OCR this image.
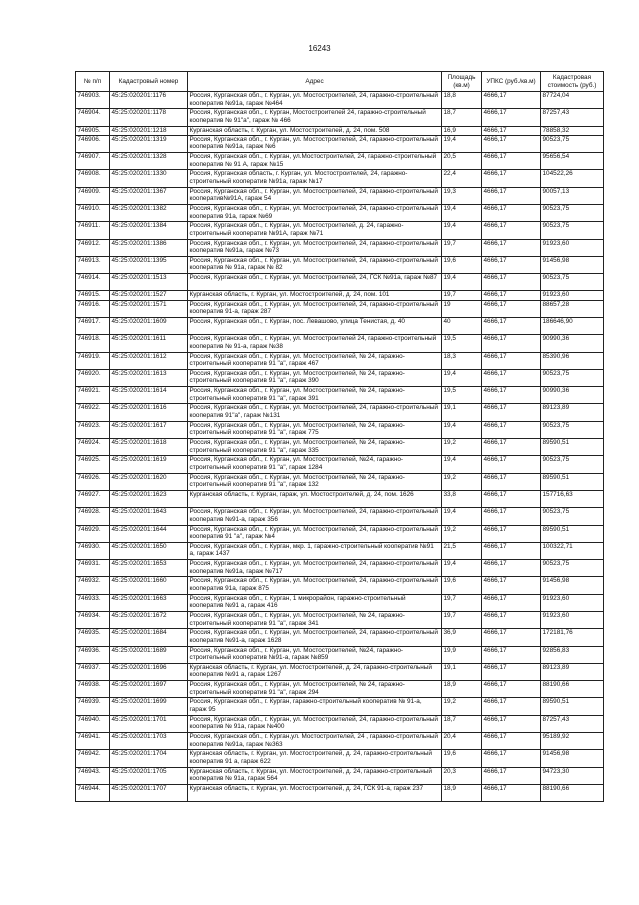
16243
№ п/п	Кадастровый номер	Адрес	Площадь (кв.м)	УПКС (руб./кв.м)	Кадастровая стоимость (руб.)
746903.	45:25:020201:1176	Россия, Курганская обл., г. Курган, ул. Мостостроителей, 24, гаражно-строительный кооператив №91а, гараж №464	18,8	4666,17	87724,04
746904.	45:25:020201:1178	Россия, Курганская обл., г. Курган, Мостостроителей 24, гаражно-строительный кооператив № 91"а", гараж № 466	18,7	4666,17	87257,43
746905.	45:25:020201:1218	Курганская область, г. Курган, ул. Мостостроителей, д. 24, пом. 508	16,9	4666,17	78858,32
746906.	45:25:020201:1319	Россия, Курганская обл., г. Курган, ул. Мостостроителей, 24, гаражно-строительный кооператив №91а, гараж №6	19,4	4666,17	90523,75
746907.	45:25:020201:1328	Россия, Курганская обл., г. Курган, ул.Мостостроителей, 24, гаражно-строительный кооператив № 91 А, гараж №15	20,5	4666,17	95656,54
746908.	45:25:020201:1330	Россия, Курганская область, г. Курган, ул. Мостостроителей, 24, гаражно-строительный кооператив №91а, гараж №17	22,4	4666,17	104522,26
746909.	45:25:020201:1367	Россия, Курганская обл., г. Курган, ул. Мостостроителей, 24, гаражно-строительный кооператив№91А, гараж 54	19,3	4666,17	90057,13
746910.	45:25:020201:1382	Россия, Курганская обл., г. Курган, ул. Мостостроителей, 24, гаражно-строительный кооператив 91а, гараж №69	19,4	4666,17	90523,75
746911.	45:25:020201:1384	Россия, Курганская обл., г. Курган, ул. Мостостроителей, д. 24, гаражно-строительный кооператив №91А, гараж №71	19,4	4666,17	90523,75
746912.	45:25:020201:1386	Россия, Курганская обл., г. Курган, ул. Мостостроителей, 24, гаражно-строительный кооператив №91а, гараж №73	19,7	4666,17	91923,60
746913.	45:25:020201:1395	Россия, Курганская обл., г. Курган, ул. Мостостроителей, 24, гаражно-строительный кооператив № 91а, гараж № 82	19,6	4666,17	91456,98
746914.	45:25:020201:1513	Россия, Курганская обл., г. Курган, ул. Мостостроителей, 24, ГСК №91а, гараж №87	19,4	4666,17	90523,75
746915.	45:25:020201:1527	Курганская область, г. Курган, ул. Мостостроителей, д. 24, пом. 101	19,7	4666,17	91923,60
746916.	45:25:020201:1571	Россия, Курганская обл., г. Курган, ул. Мостостроителей, 24, гаражно-строительный кооператив 91-а, гараж 287	19	4666,17	88657,28
746917.	45:25:020201:1609	Россия, Курганская обл., г. Курган, пос. Левашово, улица Тенистая, д. 40	40	4666,17	186646,90
746918.	45:25:020201:1611	Россия, Курганская обл., г. Курган, ул. Мостостроителей 24, гаражно-строительный кооператив № 91-а, гараж №38	19,5	4666,17	90990,36
746919.	45:25:020201:1612	Россия, Курганская обл., г. Курган, ул. Мостостроителей, № 24, гаражно-строительный кооператив 91 "а", гараж 467	18,3	4666,17	85390,96
746920.	45:25:020201:1613	Россия, Курганская обл., г. Курган, ул. Мостостроителей, № 24, гаражно-строительный кооператив 91 "а", гараж 390	19,4	4666,17	90523,75
746921.	45:25:020201:1614	Россия, Курганская обл., г. Курган, ул. Мостостроителей, № 24, гаражно-строительный кооператив 91 "а", гараж 391	19,5	4666,17	90990,36
746922.	45:25:020201:1616	Россия, Курганская обл., г. Курган, ул. Мостостроителей, 24, гаражно-строительный кооператив 91"а", гараж №131	19,1	4666,17	89123,89
746923.	45:25:020201:1617	Россия, Курганская обл., г. Курган, ул. Мостостроителей, № 24, гаражно-строительный кооператив 91 "а", гараж 775	19,4	4666,17	90523,75
746924.	45:25:020201:1618	Россия, Курганская обл., г. Курган, ул. Мостостроителей, № 24, гаражно-строительный кооператив 91 "а", гараж 335	19,2	4666,17	89590,51
746925.	45:25:020201:1619	Россия, Курганская обл., г. Курган, ул. Мостостроителей, №24, гаражно-строительный кооператив 91 "а", гараж 1284	19,4	4666,17	90523,75
746926.	45:25:020201:1620	Россия, Курганская обл., г. Курган, ул. Мостостроителей, № 24, гаражно-строительный кооператив 91 "а", гараж 132	19,2	4666,17	89590,51
746927.	45:25:020201:1623	Курганская область, г. Курган, гараж, ул. Мостостроителей, д. 24, пом. 1626	33,8	4666,17	157716,63
746928.	45:25:020201:1643	Россия, Курганская обл., г. Курган, ул. Мостостроителей, 24, гаражно-строительный кооператив №91-а, гараж 356	19,4	4666,17	90523,75
746929.	45:25:020201:1644	Россия, Курганская обл., г. Курган, ул. Мостостроителей, 24, гаражно-строительный кооператив 91 "а", гараж №4	19,2	4666,17	89590,51
746930.	45:25:020201:1650	Россия, Курганская обл., г. Курган, мкр. 1, гаражно-строительный кооператив №91 а, гараж 1437	21,5	4666,17	100322,71
746931.	45:25:020201:1653	Россия, Курганская обл., г. Курган, ул. Мостостроителей, 24, гаражно-строительный кооператив №91а, гараж №717	19,4	4666,17	90523,75
746932.	45:25:020201:1660	Россия, Курганская обл., г. Курган, ул. Мостостроителей, 24, гаражно-строительный кооператив 91а, гараж 875	19,6	4666,17	91456,98
746933.	45:25:020201:1663	Россия, Курганская обл., г. Курган, 1 микрорайон, гаражно-строительный кооператив №91 а, гараж 416	19,7	4666,17	91923,60
746934.	45:25:020201:1672	Россия, Курганская обл., г. Курган, ул. Мостостроителей, № 24, гаражно-строительный кооператив 91 "а", гараж 341	19,7	4666,17	91923,60
746935.	45:25:020201:1684	Россия, Курганская обл., г. Курган, ул. Мостостроителей, 24, гаражно-строительный кооператив №91-а, гараж 1628	36,9	4666,17	172181,76
746936.	45:25:020201:1689	Россия, Курганская обл., г. Курган, ул. Мостостроителей, №24, гаражно-строительный кооператив №91-а, гараж №859	19,9	4666,17	92856,83
746937.	45:25:020201:1696	Курганская область, г. Курган, ул. Мостостроителей, д. 24, гаражно-строительный кооператив №91 а, гараж 1267	19,1	4666,17	89123,89
746938.	45:25:020201:1697	Россия, Курганская обл., г. Курган, ул. Мостостроителей, № 24, гаражно-строительный кооператив 91 "а", гараж 294	18,9	4666,17	88190,66
746939.	45:25:020201:1699	Россия, Курганская обл., г. Курган, гаражно-строительный кооператив № 91-а, гараж 95	19,2	4666,17	89590,51
746940.	45:25:020201:1701	Россия, Курганская обл., г. Курган, ул. Мостостроителей, 24, гаражно-строительный кооператив № 91а, гараж №400	18,7	4666,17	87257,43
746941.	45:25:020201:1703	Россия, Курганская обл., г. Курган,ул. Мостостроителей, 24 , гаражно-строительный кооператив №91а, гараж №363	20,4	4666,17	95189,92
746942.	45:25:020201:1704	Курганская область, г. Курган, ул. Мостостроителей, д. 24, гаражно-строительный кооператив 91 а, гараж 622	19,6	4666,17	91456,98
746943.	45:25:020201:1705	Курганская область, г. Курган, ул. Мостостроителей, д. 24, гаражно-строительный кооператив № 91а, гараж 564	20,3	4666,17	94723,30
746944.	45:25:020201:1707	Курганская область, г. Курган, ул. Мостостроителей, д. 24, ГСК 91-а, гараж 237	18,9	4666,17	88190,66
